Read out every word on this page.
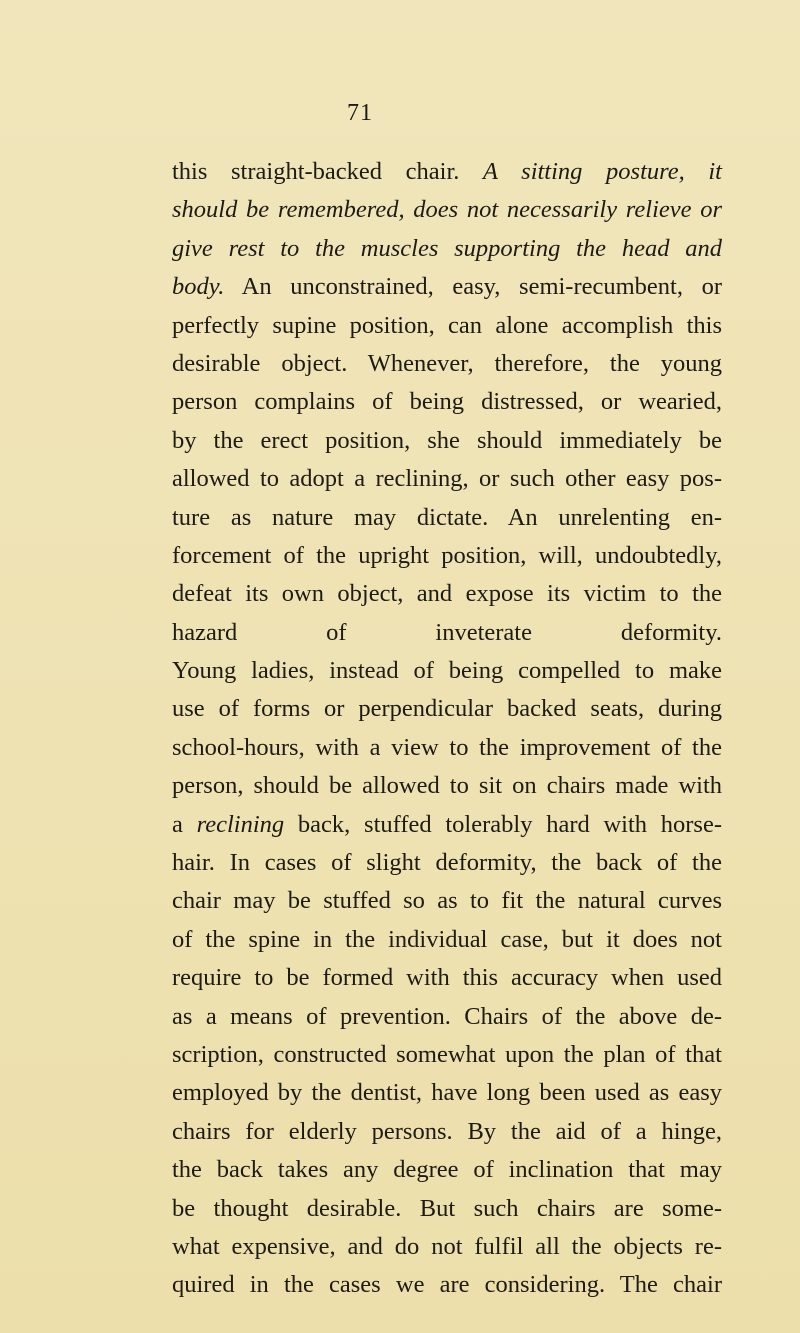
71
this straight-backed chair. A sitting posture, it
should be remembered, does not necessarily relieve or
give rest to the muscles supporting the head and
body. An unconstrained, easy, semi-recumbent, or
perfectly supine position, can alone accomplish this
desirable object. Whenever, therefore, the young
person complains of being distressed, or wearied,
by the erect position, she should immediately be
allowed to adopt a reclining, or such other easy pos-
ture as nature may dictate. An unrelenting en-
forcement of the upright position, will, undoubtedly,
defeat its own object, and expose its victim to the
hazard of inveterate deformity.
Young ladies, instead of being compelled to make
use of forms or perpendicular backed seats, during
school-hours, with a view to the improvement of the
person, should be allowed to sit on chairs made with
a reclining back, stuffed tolerably hard with horse-
hair. In cases of slight deformity, the back of the
chair may be stuffed so as to fit the natural curves
of the spine in the individual case, but it does not
require to be formed with this accuracy when used
as a means of prevention. Chairs of the above de-
scription, constructed somewhat upon the plan of that
employed by the dentist, have long been used as easy
chairs for elderly persons. By the aid of a hinge,
the back takes any degree of inclination that may
be thought desirable. But such chairs are some-
what expensive, and do not fulfil all the objects re-
quired in the cases we are considering. The chair
